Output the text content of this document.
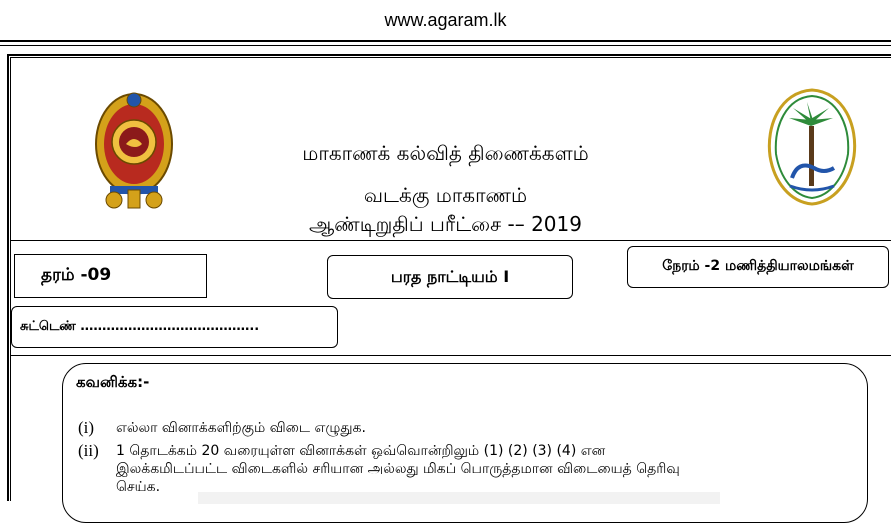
www.agaram.lk
மாகாணக் கல்வித் திணைக்களம்
வடக்கு மாகாணம்
ஆண்டிறுதிப் பரீட்சை -– 2019
தரம் -09	பரத நாட்டியம் I
நேரம் -2 மணித்தியாலமங்கள்
சுட்டெண் …………………………………..
கவனிக்க:-
(i) எல்லா வினாக்களிற்கும் விடை எழுதுக.
(ii) 1 தொடக்கம் 20 வரையுள்ள வினாக்கள் ஒவ்வொன்றிலும் (1) (2) (3) (4) என
இலக்கமிடப்பட்ட விடைகளில் சரியான அல்லது மிகப் பொருத்தமான விடையைத் தெரிவு
செய்க.
